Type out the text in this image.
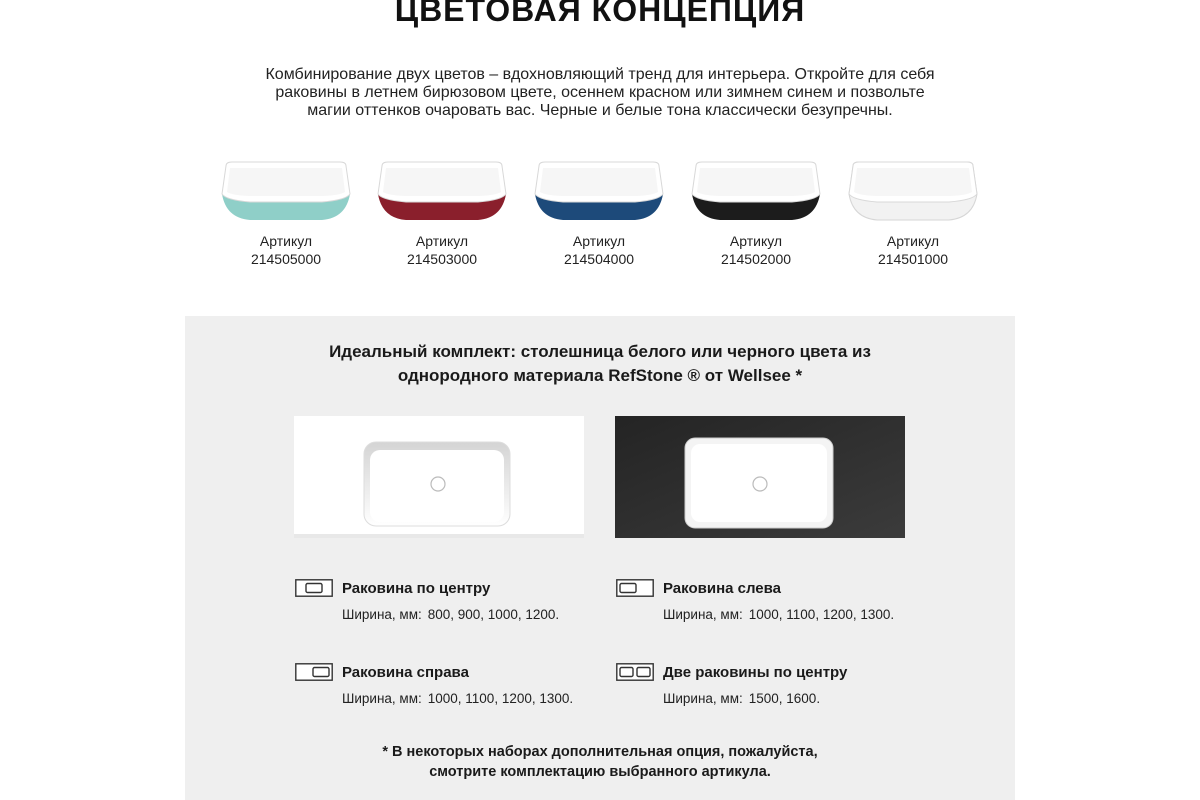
ЦВЕТОВАЯ КОНЦЕПЦИЯ
Комбинирование двух цветов – вдохновляющий тренд для интерьера. Откройте для себя
раковины в летнем бирюзовом цвете, осеннем красном или зимнем синем и позвольте
магии оттенков очаровать вас. Черные и белые тона классически безупречны.
Артикул
214505000
Артикул
214503000
Артикул
214504000
Артикул
214502000
Артикул
214501000
Идеальный комплект: столешница белого или черного цвета из
однородного материала RefStone ® от Wellsee *
Раковина по центру
Ширина, мм: 800, 900, 1000, 1200.
Раковина слева
Ширина, мм: 1000, 1100, 1200, 1300.
Раковина справа
Ширина, мм: 1000, 1100, 1200, 1300.
Две раковины по центру
Ширина, мм: 1500, 1600.
* В некоторых наборах дополнительная опция, пожалуйста,
смотрите комплектацию выбранного артикула.
